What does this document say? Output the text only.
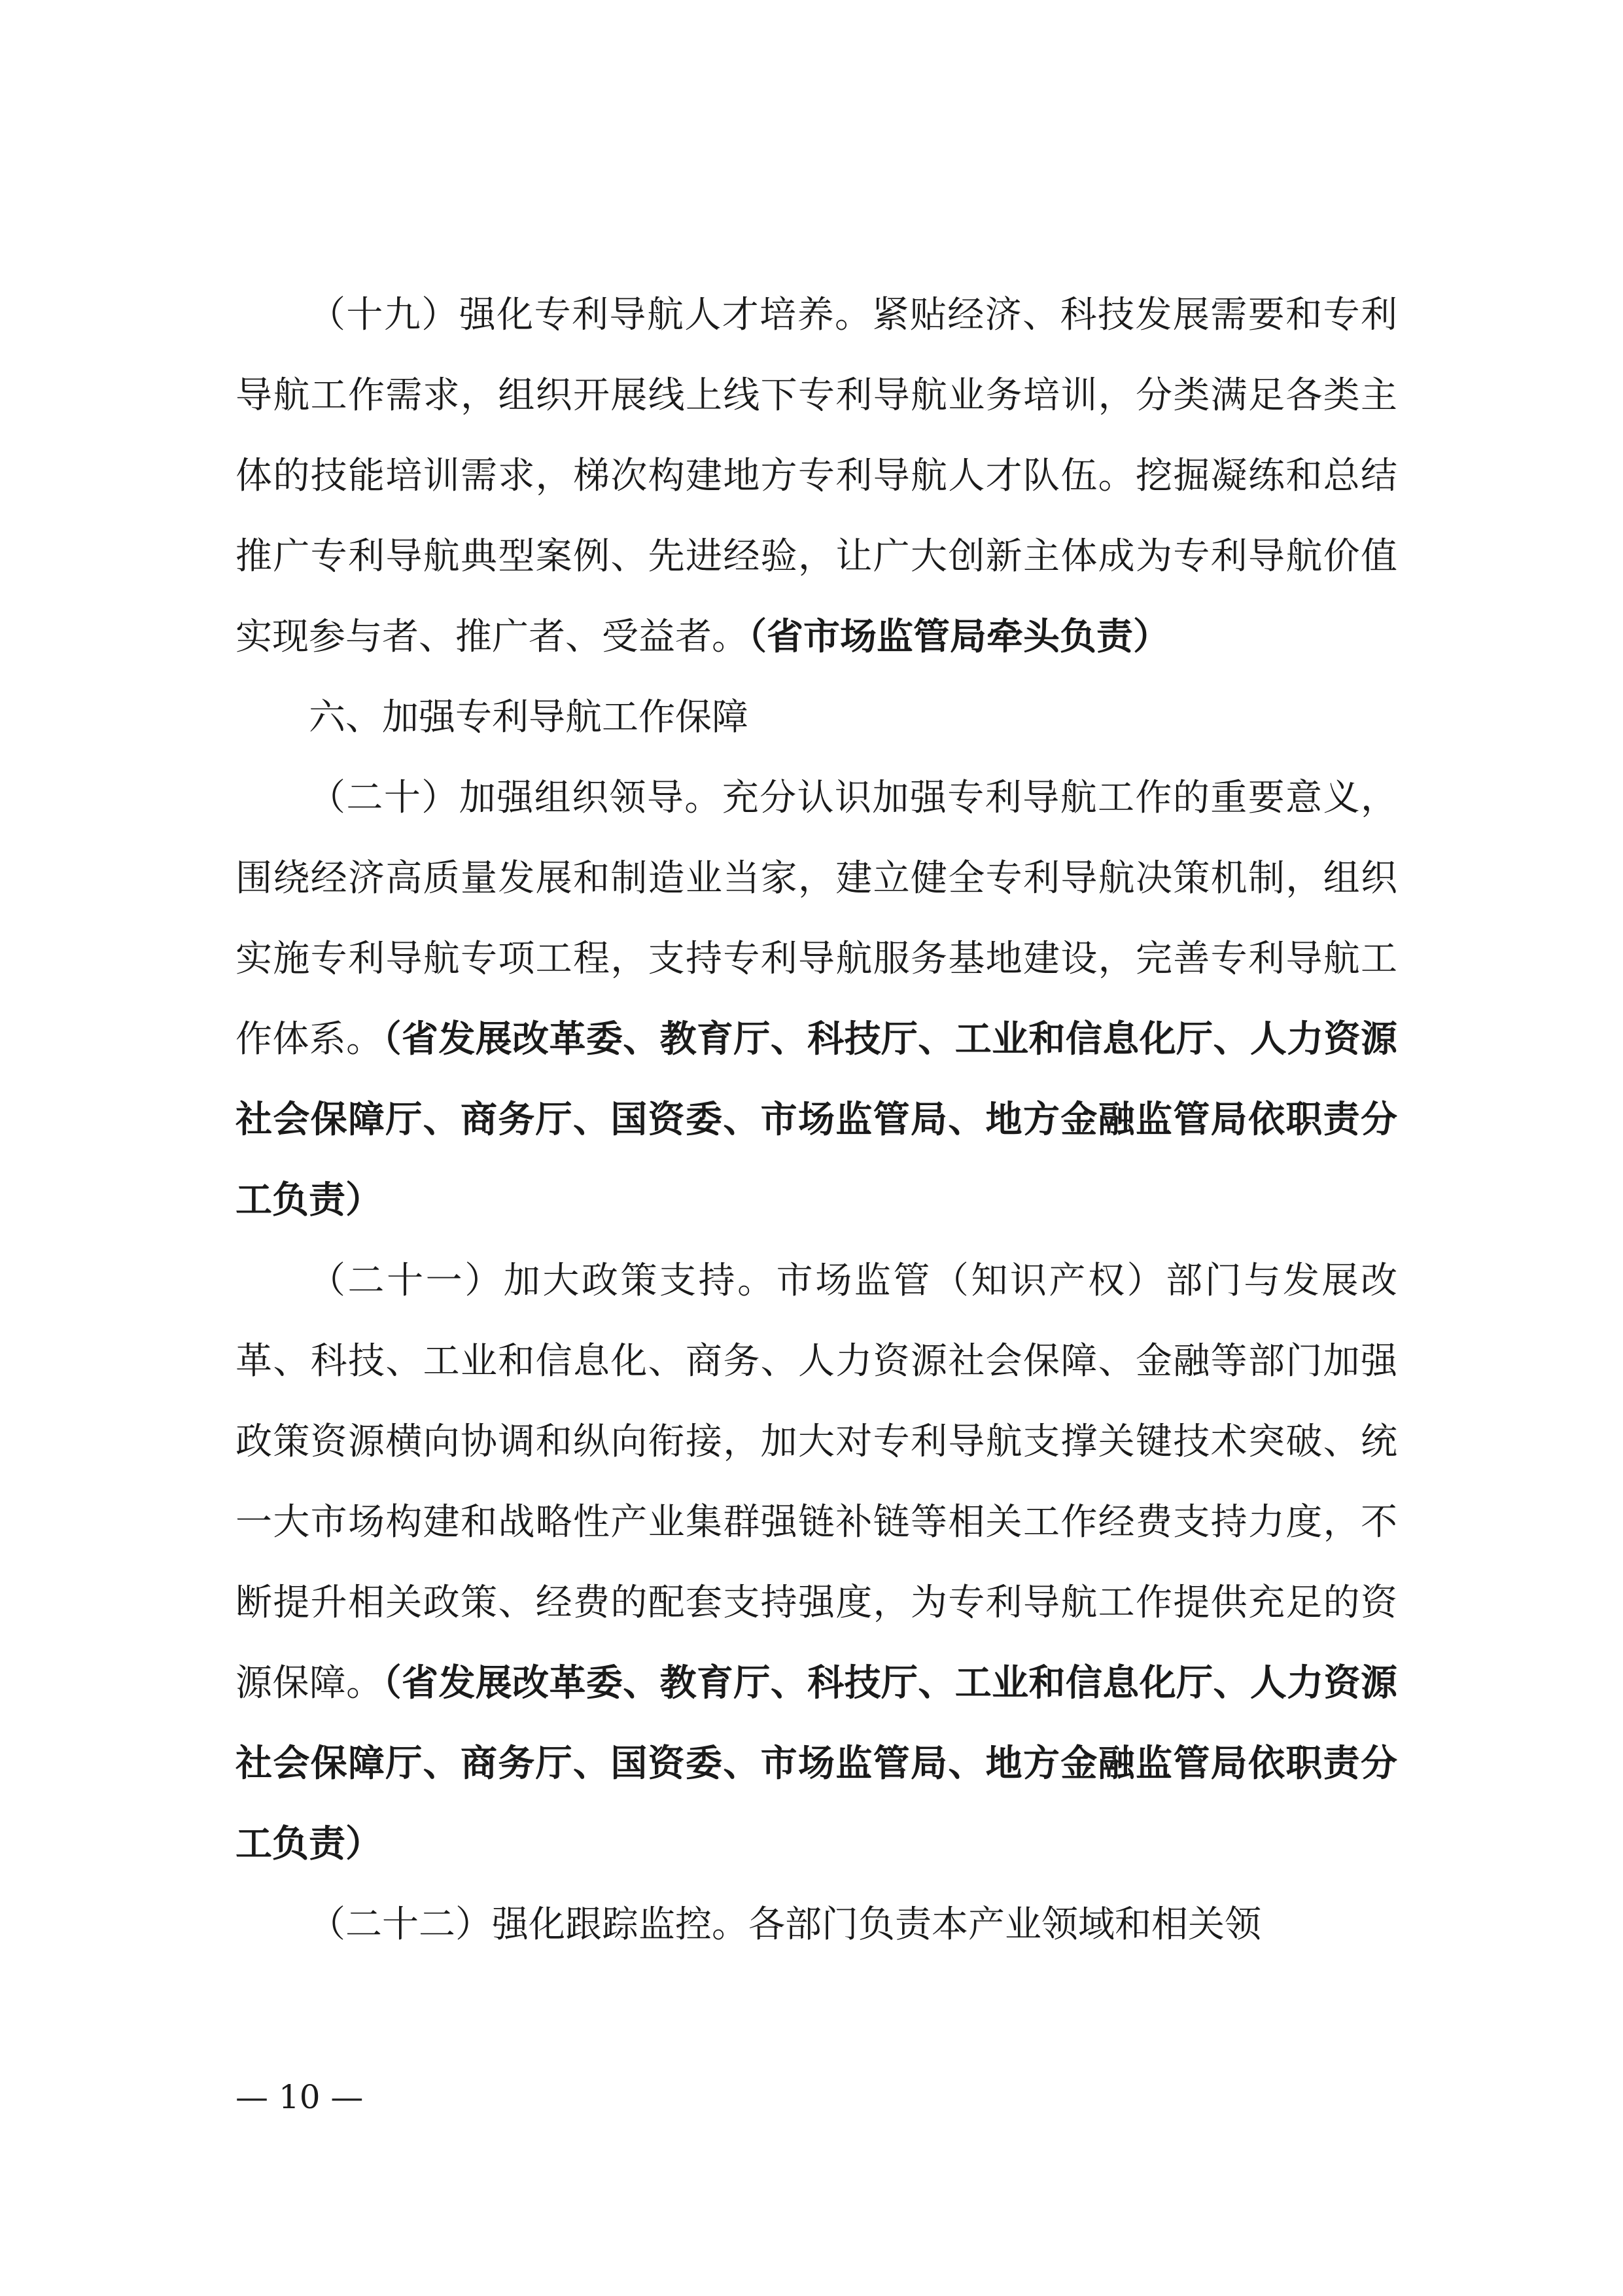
（十九）强化专利导航人才培养。紧贴经济、科技发展需要和专利导航工作需求，组织开展线上线下专利导航业务培训，分类满足各类主体的技能培训需求，梯次构建地方专利导航人才队伍。挖掘凝练和总结推广专利导航典型案例、先进经验，让广大创新主体成为专利导航价值实现参与者、推广者、受益者。（省市场监管局牵头负责）

六、加强专利导航工作保障

（二十）加强组织领导。充分认识加强专利导航工作的重要意义，围绕经济高质量发展和制造业当家，建立健全专利导航决策机制，组织实施专利导航专项工程，支持专利导航服务基地建设，完善专利导航工作体系。（省发展改革委、教育厅、科技厅、工业和信息化厅、人力资源社会保障厅、商务厅、国资委、市场监管局、地方金融监管局依职责分工负责）

（二十一）加大政策支持。市场监管（知识产权）部门与发展改革、科技、工业和信息化、商务、人力资源社会保障、金融等部门加强政策资源横向协调和纵向衔接，加大对专利导航支撑关键技术突破、统一大市场构建和战略性产业集群强链补链等相关工作经费支持力度，不断提升相关政策、经费的配套支持强度，为专利导航工作提供充足的资源保障。（省发展改革委、教育厅、科技厅、工业和信息化厅、人力资源社会保障厅、商务厅、国资委、市场监管局、地方金融监管局依职责分工负责）

（二十二）强化跟踪监控。各部门负责本产业领域和相关领

— 10 —
